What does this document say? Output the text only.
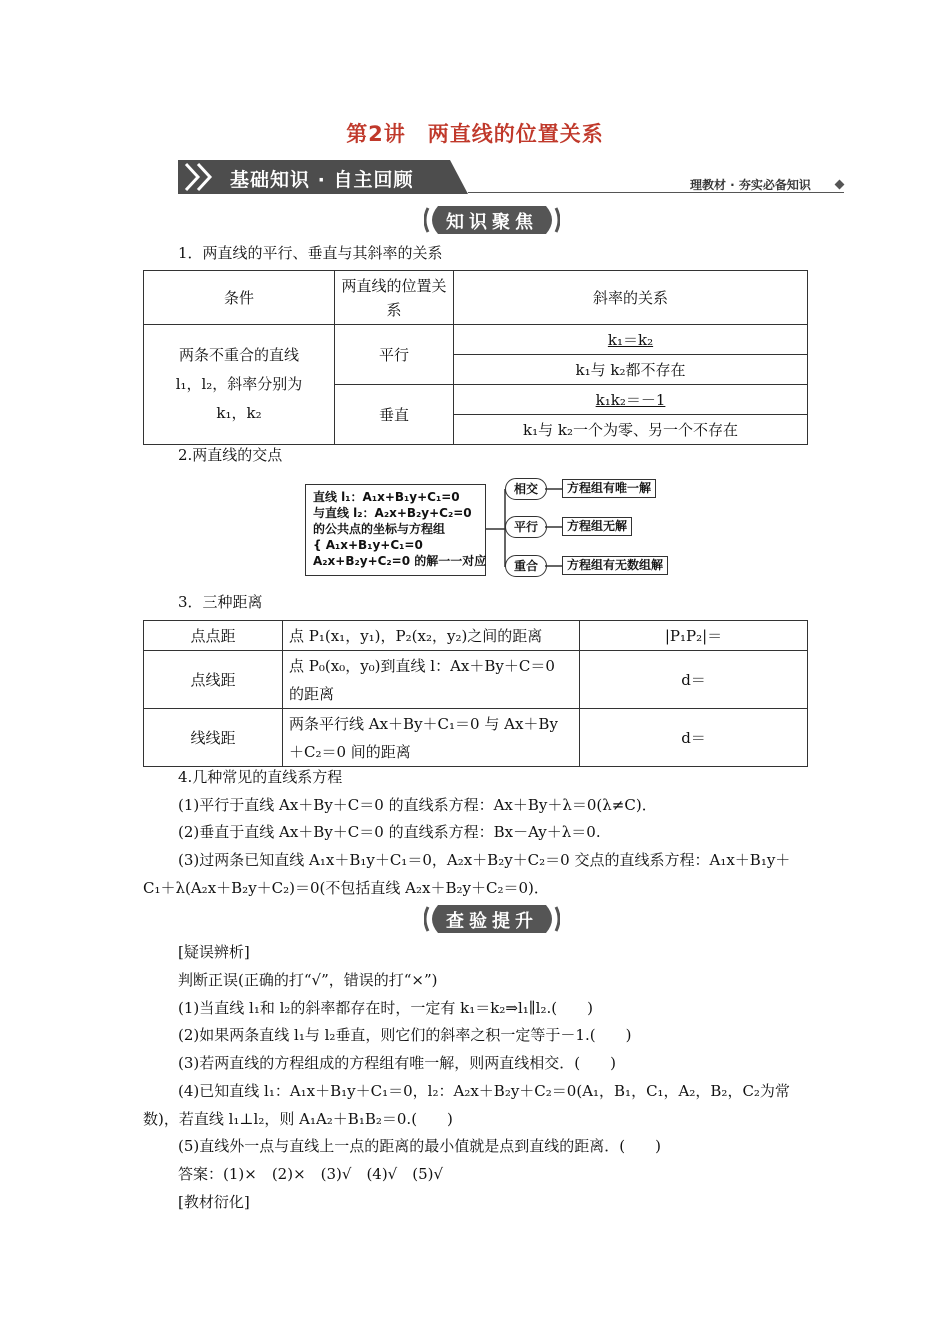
第2讲　两直线的位置关系
基础知识 · 自主回顾	理教材 · 夯实必备知识
知识聚焦
1．两直线的平行、垂直与其斜率的关系
条件	两直线的位置关系	斜率的关系

两条不重合的直线
l₁，l₂，斜率分别为
k₁，k₂	平行	k₁＝k₂
		k₁与 k₂都不存在
	垂直	k₁k₂＝－1
		k₁与 k₂一个为零、另一个不存在
2.两直线的交点
直线 l₁：A₁x+B₁y+C₁=0
与直线 l₂：A₂x+B₂y+C₂=0
的公共点的坐标与方程组
{ A₁x+B₁y+C₁=0
A₂x+B₂y+C₂=0 的解一一对应
相交	方程组有唯一解
平行	方程组无解
重合	方程组有无数组解
3．三种距离
点点距	点 P₁(x₁，y₁)，P₂(x₂，y₂)之间的距离	|P₁P₂|＝
点线距	点 P₀(x₀，y₀)到直线 l：Ax＋By＋C＝0
的距离	d＝
线线距	两条平行线 Ax＋By＋C₁＝0 与 Ax＋By
＋C₂＝0 间的距离	d＝
4.几种常见的直线系方程
(1)平行于直线 Ax＋By＋C＝0 的直线系方程：Ax＋By＋λ＝0(λ≠C)．
(2)垂直于直线 Ax＋By＋C＝0 的直线系方程：Bx－Ay＋λ＝0.
(3)过两条已知直线 A₁x＋B₁y＋C₁＝0，A₂x＋B₂y＋C₂＝0 交点的直线系方程：A₁x＋B₁y＋
C₁＋λ(A₂x＋B₂y＋C₂)＝0(不包括直线 A₂x＋B₂y＋C₂＝0)．
查验提升
[疑误辨析]
判断正误(正确的打“√”，错误的打“×”)
(1)当直线 l₁和 l₂的斜率都存在时，一定有 k₁＝k₂⇒l₁∥l₂.(　　)
(2)如果两条直线 l₁与 l₂垂直，则它们的斜率之积一定等于－1.(　　)
(3)若两直线的方程组成的方程组有唯一解，则两直线相交．(　　)
(4)已知直线 l₁：A₁x＋B₁y＋C₁＝0，l₂：A₂x＋B₂y＋C₂＝0(A₁，B₁，C₁，A₂，B₂，C₂为常
数)，若直线 l₁⊥l₂，则 A₁A₂＋B₁B₂＝0.(　　)
(5)直线外一点与直线上一点的距离的最小值就是点到直线的距离．(　　)
答案：(1)×　(2)×　(3)√　(4)√　(5)√
[教材衍化]
